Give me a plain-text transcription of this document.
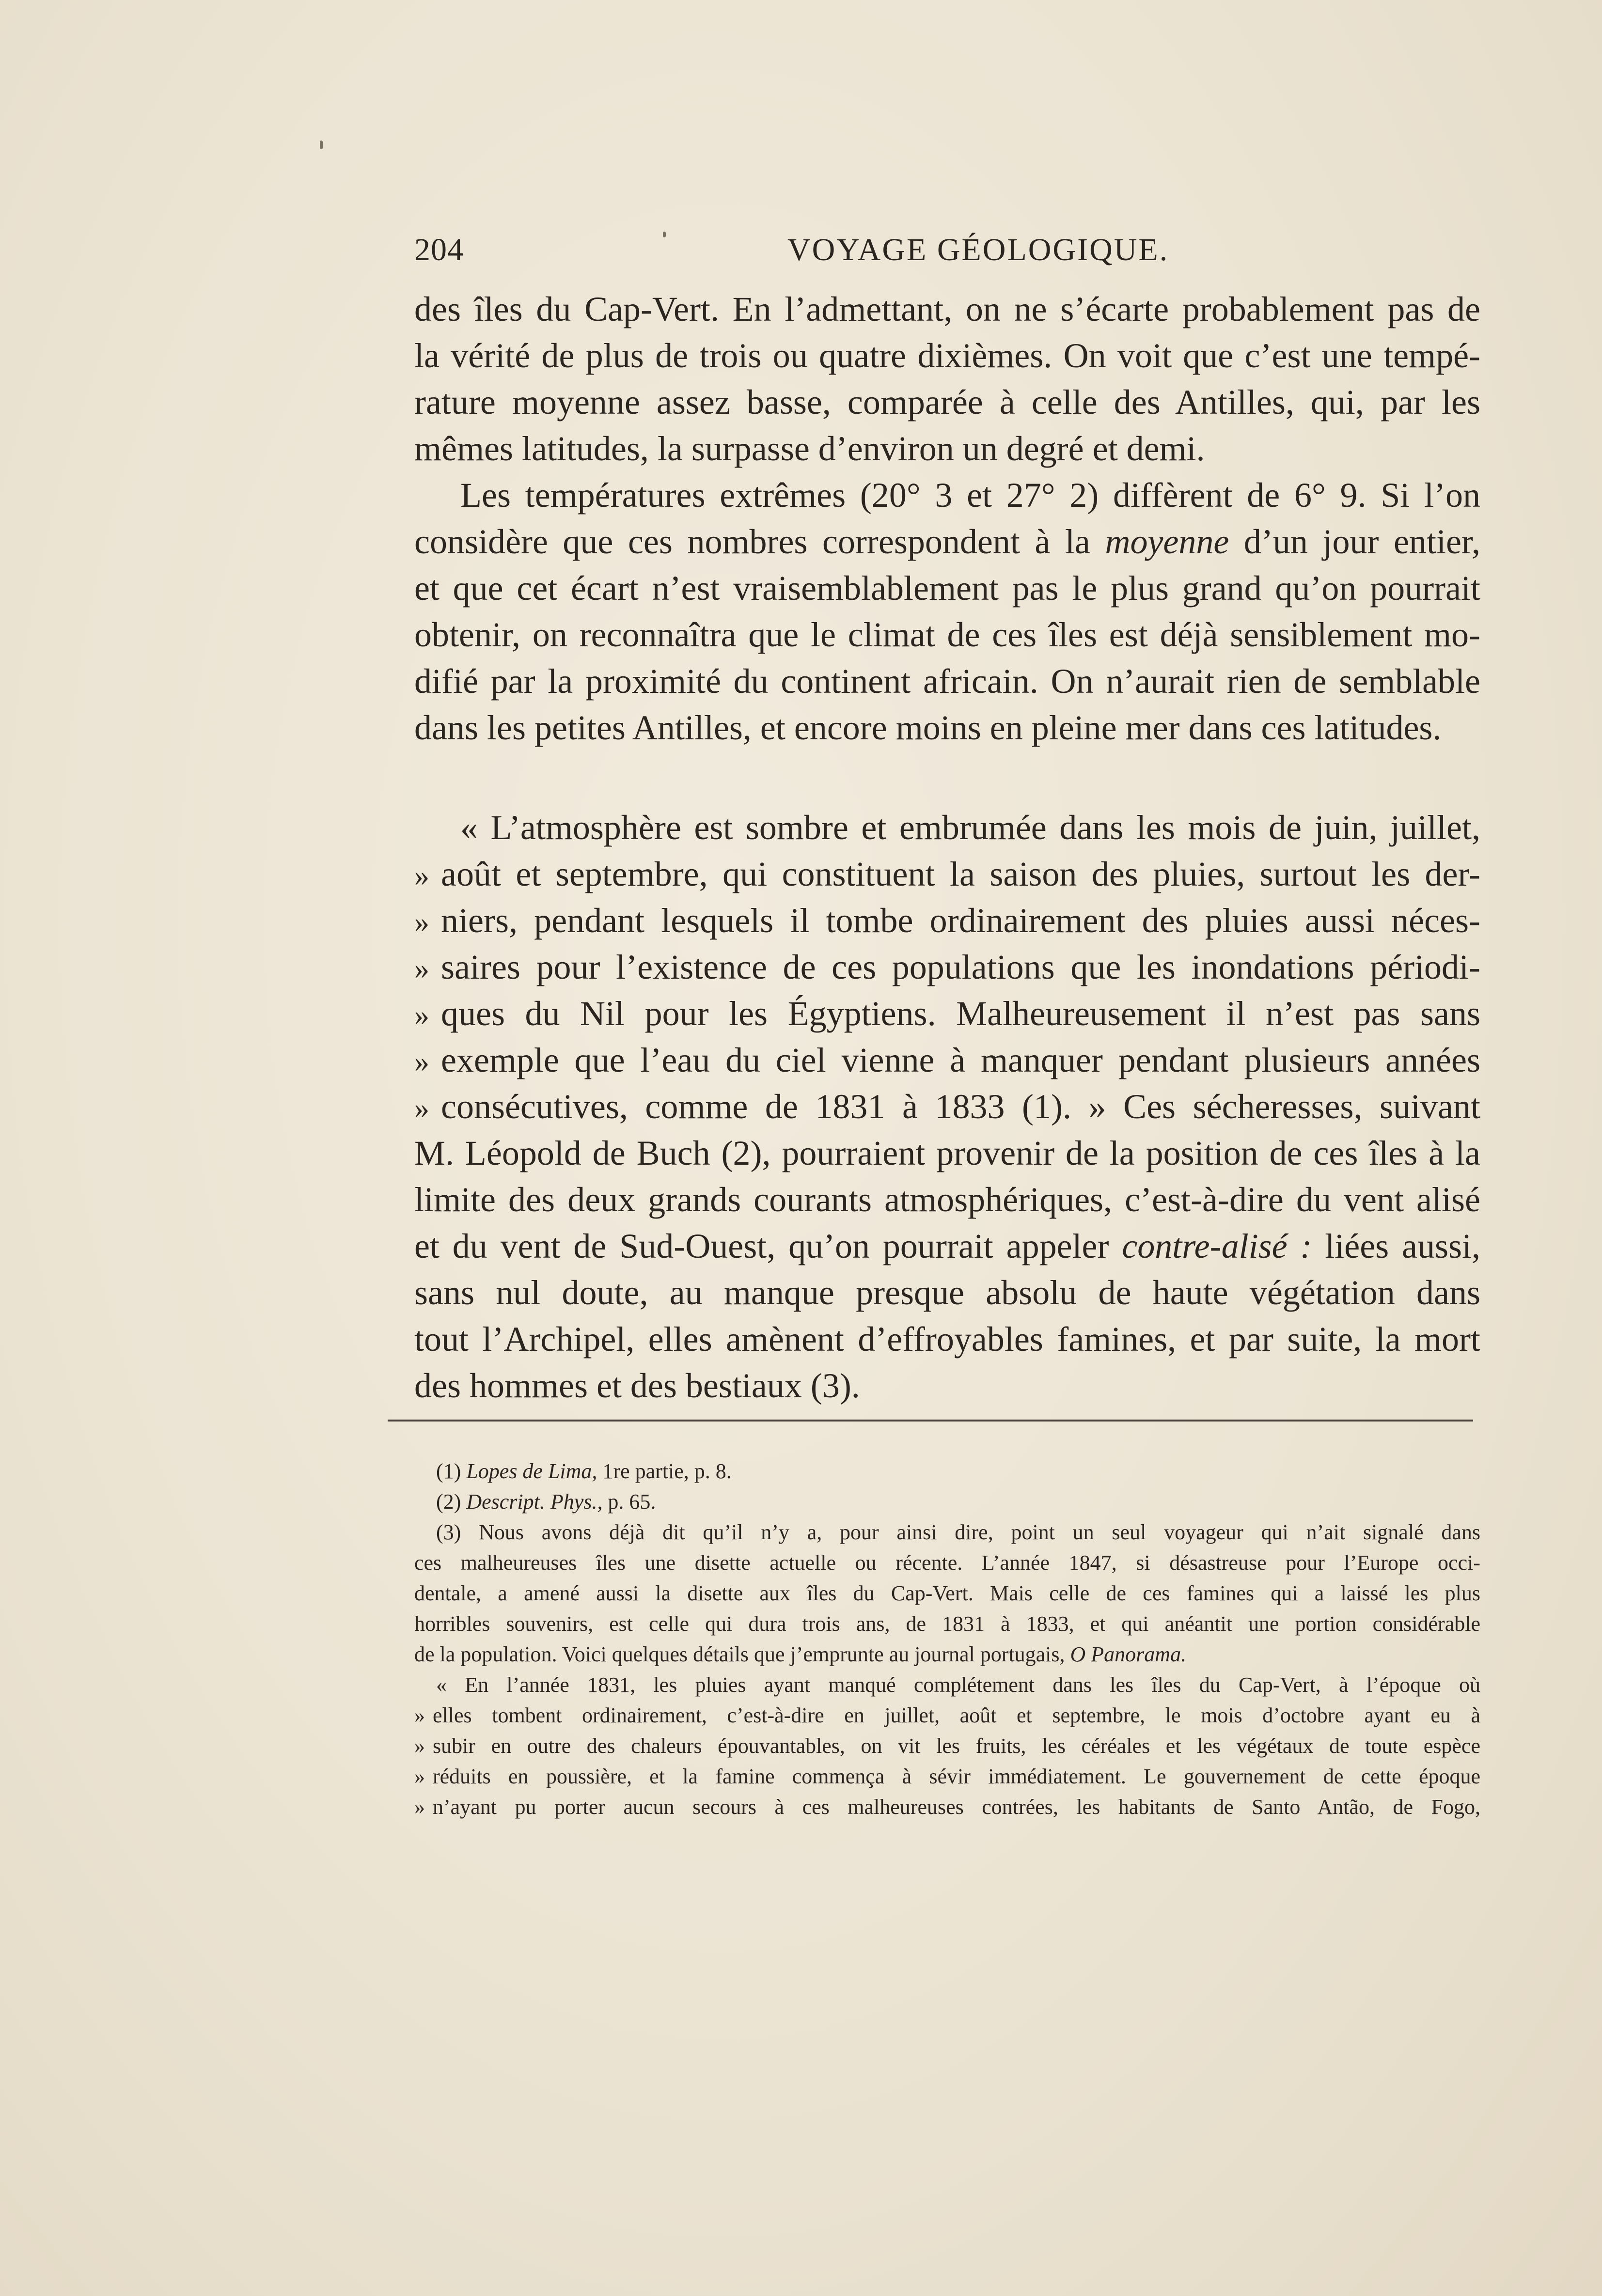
204	VOYAGE GÉOLOGIQUE.
des îles du Cap-Vert. En l’admettant, on ne s’écarte probablement pas de
la vérité de plus de trois ou quatre dixièmes. On voit que c’est une tempé-
rature moyenne assez basse, comparée à celle des Antilles, qui, par les
mêmes latitudes, la surpasse d’environ un degré et demi.
Les températures extrêmes (20° 3 et 27° 2) diffèrent de 6° 9. Si l’on
considère que ces nombres correspondent à la moyenne d’un jour entier,
et que cet écart n’est vraisemblablement pas le plus grand qu’on pourrait
obtenir, on reconnaîtra que le climat de ces îles est déjà sensiblement mo-
difié par la proximité du continent africain. On n’aurait rien de semblable
dans les petites Antilles, et encore moins en pleine mer dans ces latitudes.
« L’atmosphère est sombre et embrumée dans les mois de juin, juillet,
» août et septembre, qui constituent la saison des pluies, surtout les der-
» niers, pendant lesquels il tombe ordinairement des pluies aussi néces-
» saires pour l’existence de ces populations que les inondations périodi-
» ques du Nil pour les Égyptiens. Malheureusement il n’est pas sans
» exemple que l’eau du ciel vienne à manquer pendant plusieurs années
» consécutives, comme de 1831 à 1833 (1). » Ces sécheresses, suivant
M. Léopold de Buch (2), pourraient provenir de la position de ces îles à la
limite des deux grands courants atmosphériques, c’est-à-dire du vent alisé
et du vent de Sud-Ouest, qu’on pourrait appeler contre-alisé : liées aussi,
sans nul doute, au manque presque absolu de haute végétation dans
tout l’Archipel, elles amènent d’effroyables famines, et par suite, la mort
des hommes et des bestiaux (3).
(1) Lopes de Lima, 1re partie, p. 8.
(2) Descript. Phys., p. 65.
(3) Nous avons déjà dit qu’il n’y a, pour ainsi dire, point un seul voyageur qui n’ait signalé dans
ces malheureuses îles une disette actuelle ou récente. L’année 1847, si désastreuse pour l’Europe occi-
dentale, a amené aussi la disette aux îles du Cap-Vert. Mais celle de ces famines qui a laissé les plus
horribles souvenirs, est celle qui dura trois ans, de 1831 à 1833, et qui anéantit une portion considérable
de la population. Voici quelques détails que j’emprunte au journal portugais, O Panorama.
« En l’année 1831, les pluies ayant manqué complétement dans les îles du Cap-Vert, à l’époque où
» elles tombent ordinairement, c’est-à-dire en juillet, août et septembre, le mois d’octobre ayant eu à
» subir en outre des chaleurs épouvantables, on vit les fruits, les céréales et les végétaux de toute espèce
» réduits en poussière, et la famine commença à sévir immédiatement. Le gouvernement de cette époque
» n’ayant pu porter aucun secours à ces malheureuses contrées, les habitants de Santo Antão, de Fogo,
